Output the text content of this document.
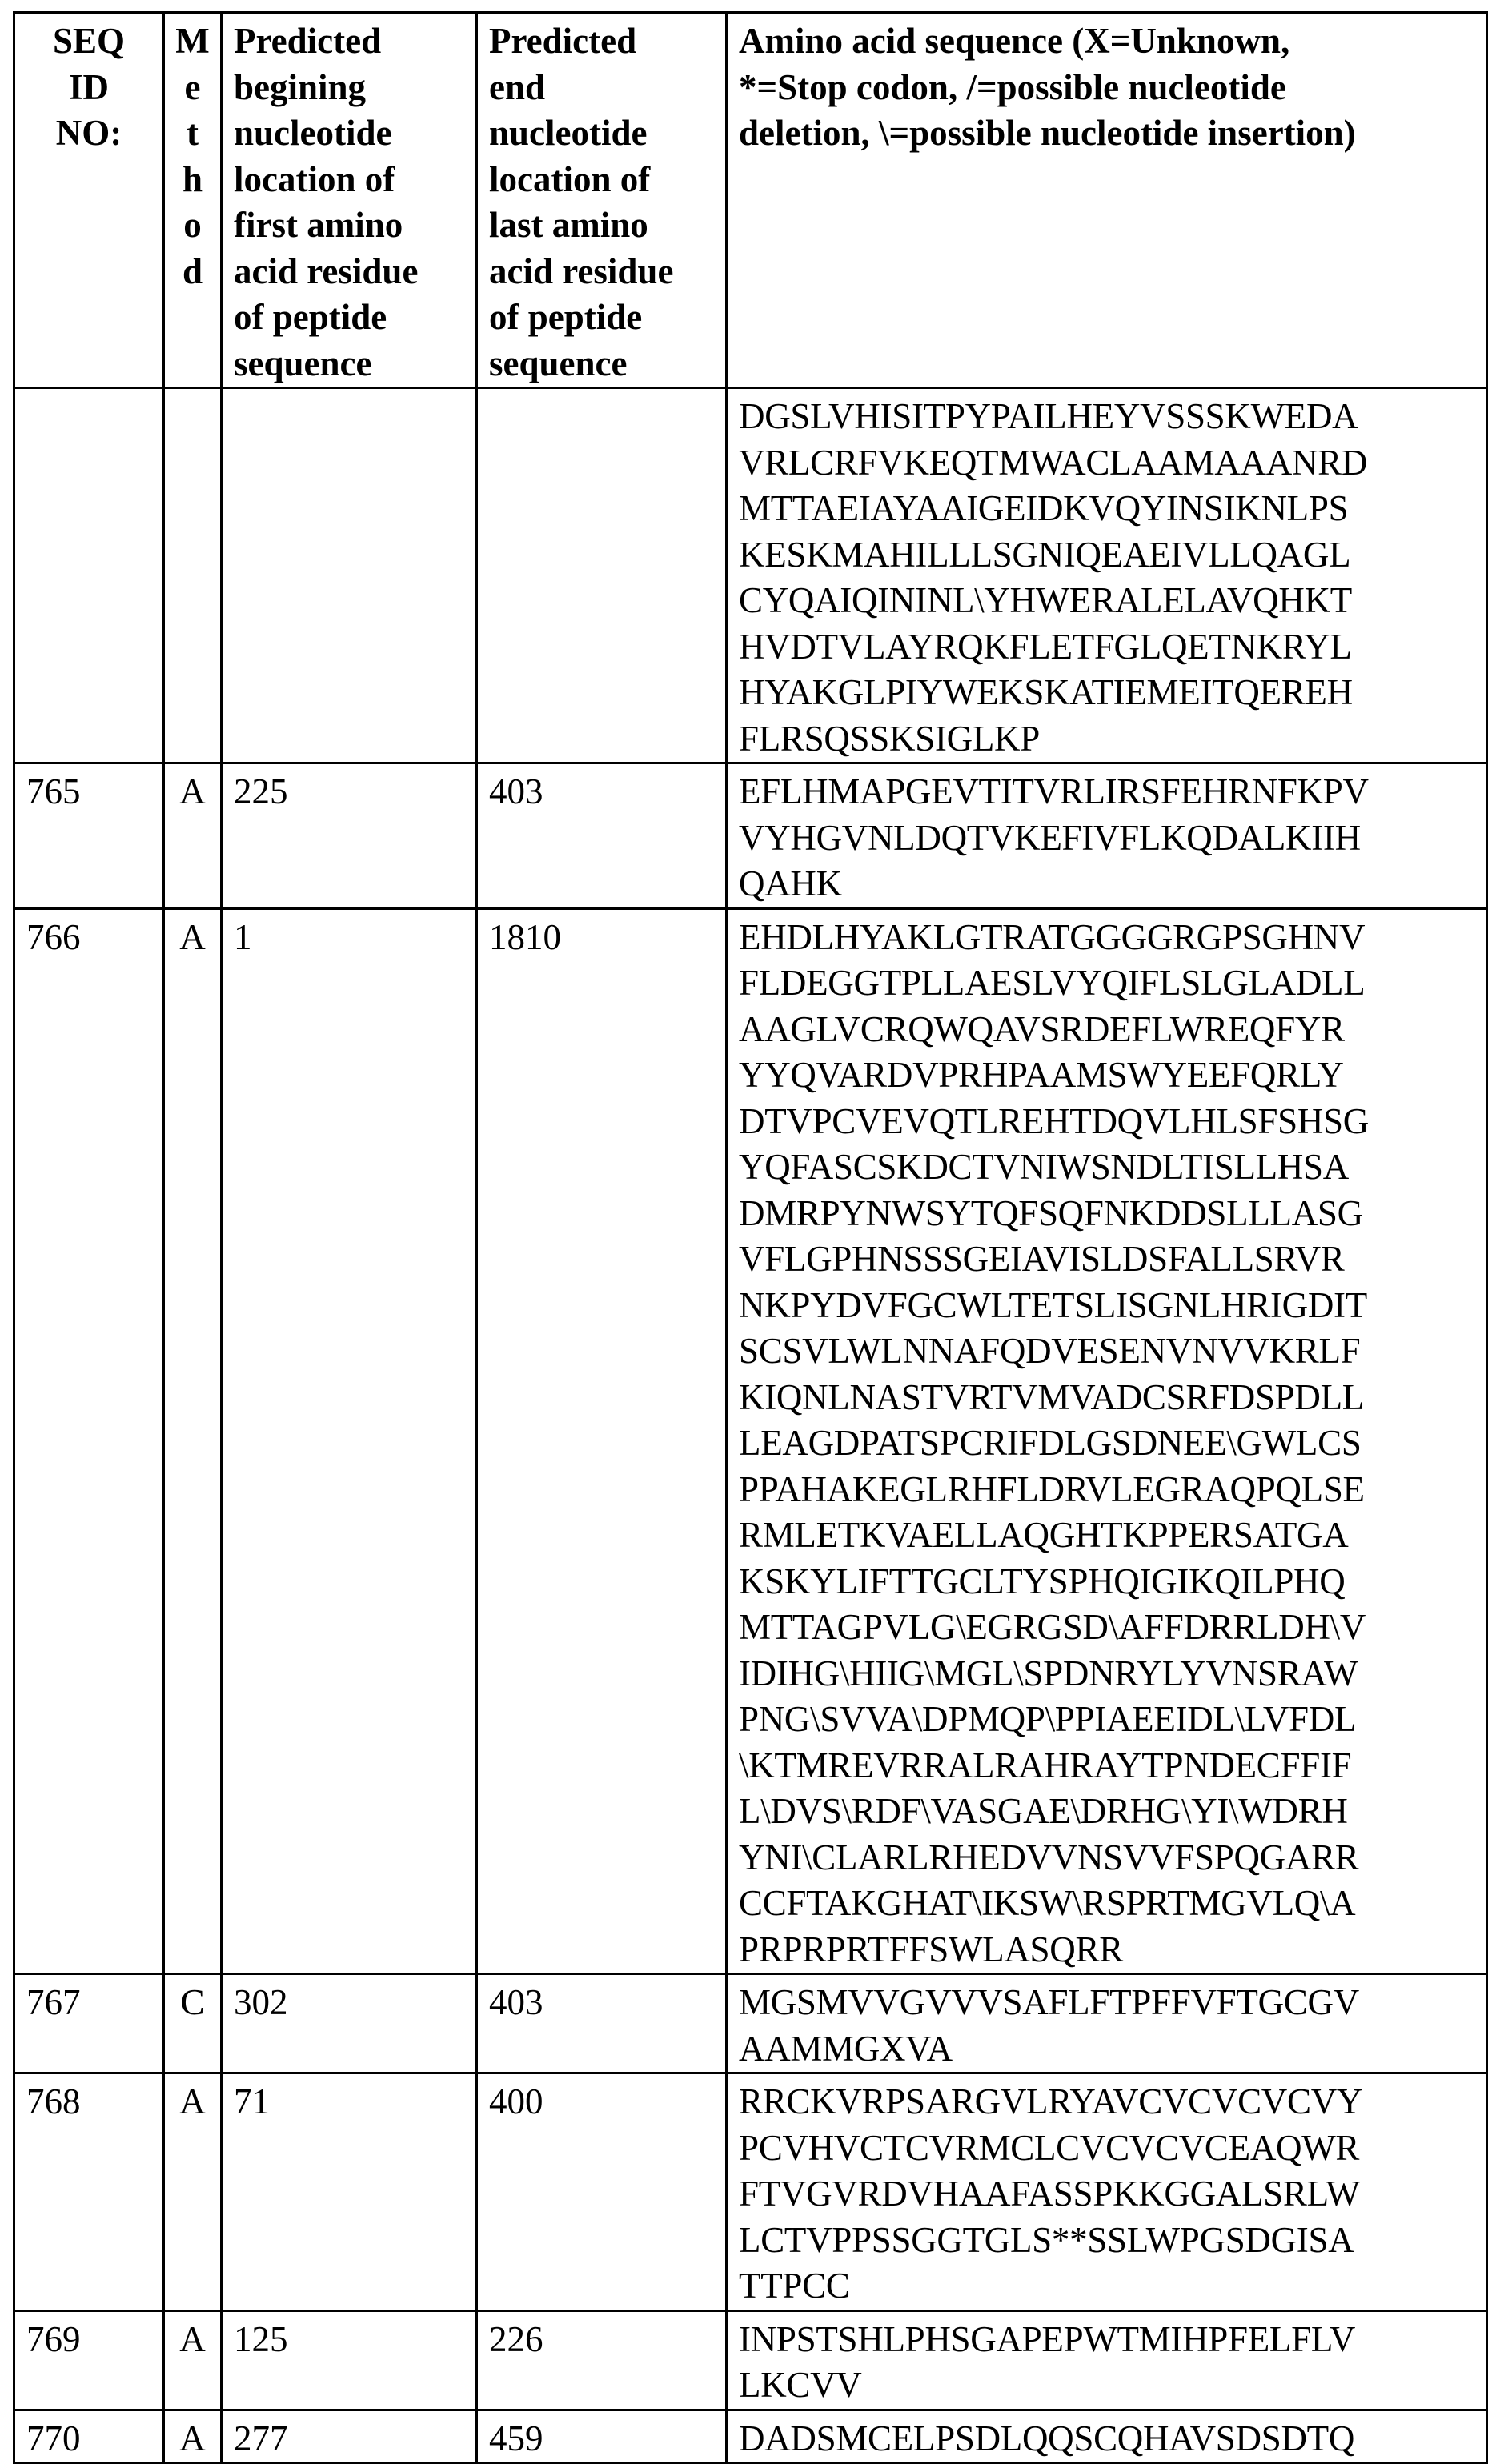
SEQ
ID
NO:

M
e
t
h
o
d

Predicted
begining
nucleotide
location of
first amino
acid residue
of peptide
sequence

Predicted
end
nucleotide
location of
last amino
acid residue
of peptide
sequence

Amino acid sequence (X=Unknown,
*=Stop codon, /=possible nucleotide
deletion, \=possible nucleotide insertion)

DGSLVHISITPYPAILHEYVSSSKWEDA
VRLCRFVKEQTMWACLAAMAAANRD
MTTAEIAYAAIGEIDKVQYINSIKNLPS
KESKMAHILLLSGNIQEAEIVLLQAGL
CYQAIQININL\YHWERALELAVQHKT
HVDTVLAYRQKFLETFGLQETNKRYL
HYAKGLPIYWEKSKATIEMEITQEREH
FLRSQSSKSIGLKP

765	A	225	403	EFLHMAPGEVTITVRLIRSFEHRNFKPV
VYHGVNLDQTVKEFIVFLKQDALKIIH
QAHK

766	A	1	1810	EHDLHYAKLGTRATGGGGRGPSGHNV
FLDEGGTPLLAESLVYQIFLSLGLADLL
AAGLVCRQWQAVSRDEFLWREQFYR
YYQVARDVPRHPAAMSWYEEFQRLY
DTVPCVEVQTLREHTDQVLHLSFSHSG
YQFASCSKDCTVNIWSNDLTISLLHSA
DMRPYNWSYTQFSQFNKDDSLLLASG
VFLGPHNSSSGEIAVISLDSFALLSRVR
NKPYDVFGCWLTETSLISGNLHRIGDIT
SCSVLWLNNAFQDVESENVNVVKRLF
KIQNLNASTVRTVMVADCSRFDSPDLL
LEAGDPATSPCRIFDLGSDNEE\GWLCS
PPAHAKEGLRHFLDRVLEGRAQPQLSE
RMLETKVAELLAQGHTKPPERSATGA
KSKYLIFTTGCLTYSPHQIGIKQILPHQ
MTTAGPVLG\EGRGSD\AFFDRRLDH\V
IDIHG\HIIG\MGL\SPDNRYLYVNSRAW
PNG\SVVA\DPMQP\PPIAEEIDL\LVFDL
\KTMREVRRALRAHRAYTPNDECFFIF
L\DVS\RDF\VASGAE\DRHG\YI\WDRH
YNI\CLARLRHEDVVNSVVFSPQGARR
CCFTAKGHAT\IKSW\RSPRTMGVLQ\A
PRPRPRTFFSWLASQRR

767	C	302	403	MGSMVVGVVVSAFLFTPFFVFTGCGV
AAMMGXVA

768	A	71	400	RRCKVRPSARGVLRYAVCVCVCVCVY
PCVHVCTCVRMCLCVCVCVCEAQWR
FTVGVRDVHAAFASSPKKGGALSRLW
LCTVPPSSGGTGLS**SSLWPGSDGISA
TTPCC

769	A	125	226	INPSTSHLPHSGAPEPWTMIHPFELFLV
LKCVV

770	A	277	459	DADSMCELPSDLQQSCQHAVSDSDTQ
